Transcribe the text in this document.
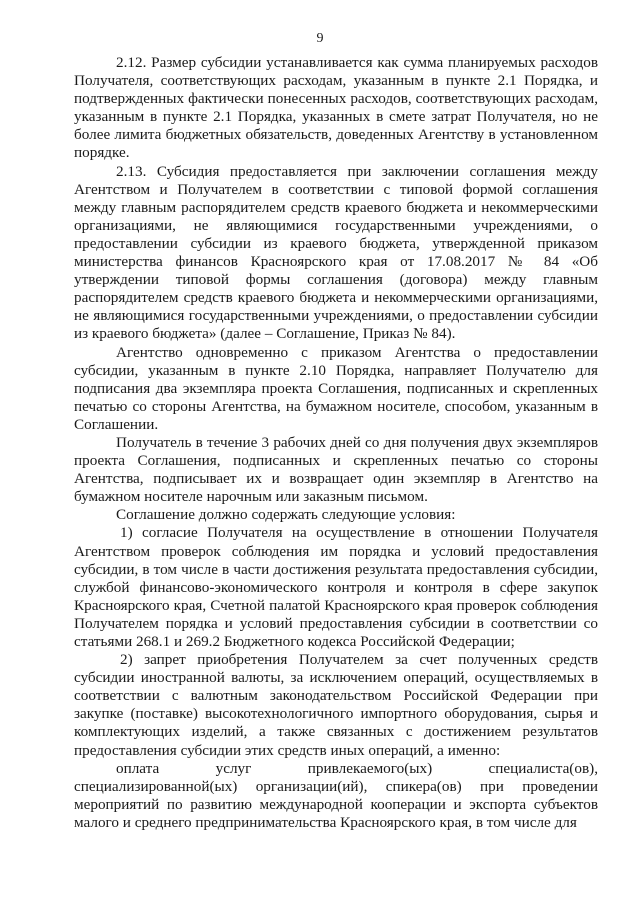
9

2.12. Размер субсидии устанавливается как сумма планируемых расходов Получателя, соответствующих расходам, указанным в пункте 2.1 Порядка, и подтвержденных фактически понесенных расходов, соответствующих расходам, указанным в пункте 2.1 Порядка, указанных в смете затрат Получателя, но не более лимита бюджетных обязательств, доведенных Агентству в установленном порядке.

2.13. Субсидия предоставляется при заключении соглашения между Агентством и Получателем в соответствии с типовой формой соглашения между главным распорядителем средств краевого бюджета и некоммерческими организациями, не являющимися государственными учреждениями, о предоставлении субсидии из краевого бюджета, утвержденной приказом министерства финансов Красноярского края от 17.08.2017 № 84 «Об утверждении типовой формы соглашения (договора) между главным распорядителем средств краевого бюджета и некоммерческими организациями, не являющимися государственными учреждениями, о предоставлении субсидии из краевого бюджета» (далее – Соглашение, Приказ № 84).

Агентство одновременно с приказом Агентства о предоставлении субсидии, указанным в пункте 2.10 Порядка, направляет Получателю для подписания два экземпляра проекта Соглашения, подписанных и скрепленных печатью со стороны Агентства, на бумажном носителе, способом, указанным в Соглашении.

Получатель в течение 3 рабочих дней со дня получения двух экземпляров проекта Соглашения, подписанных и скрепленных печатью со стороны Агентства, подписывает их и возвращает один экземпляр в Агентство на бумажном носителе нарочным или заказным письмом.

Соглашение должно содержать следующие условия:

1) согласие Получателя на осуществление в отношении Получателя Агентством проверок соблюдения им порядка и условий предоставления субсидии, в том числе в части достижения результата предоставления субсидии, службой финансово-экономического контроля и контроля в сфере закупок Красноярского края, Счетной палатой Красноярского края проверок соблюдения Получателем порядка и условий предоставления субсидии в соответствии со статьями 268.1 и 269.2 Бюджетного кодекса Российской Федерации;

2) запрет приобретения Получателем за счет полученных средств субсидии иностранной валюты, за исключением операций, осуществляемых в соответствии с валютным законодательством Российской Федерации при закупке (поставке) высокотехнологичного импортного оборудования, сырья и комплектующих изделий, а также связанных с достижением результатов предоставления субсидии этих средств иных операций, а именно:

оплата услуг привлекаемого(ых) специалиста(ов), специализированной(ых) организации(ий), спикера(ов) при проведении мероприятий по развитию международной кооперации и экспорта субъектов малого и среднего предпринимательства Красноярского края, в том числе для
